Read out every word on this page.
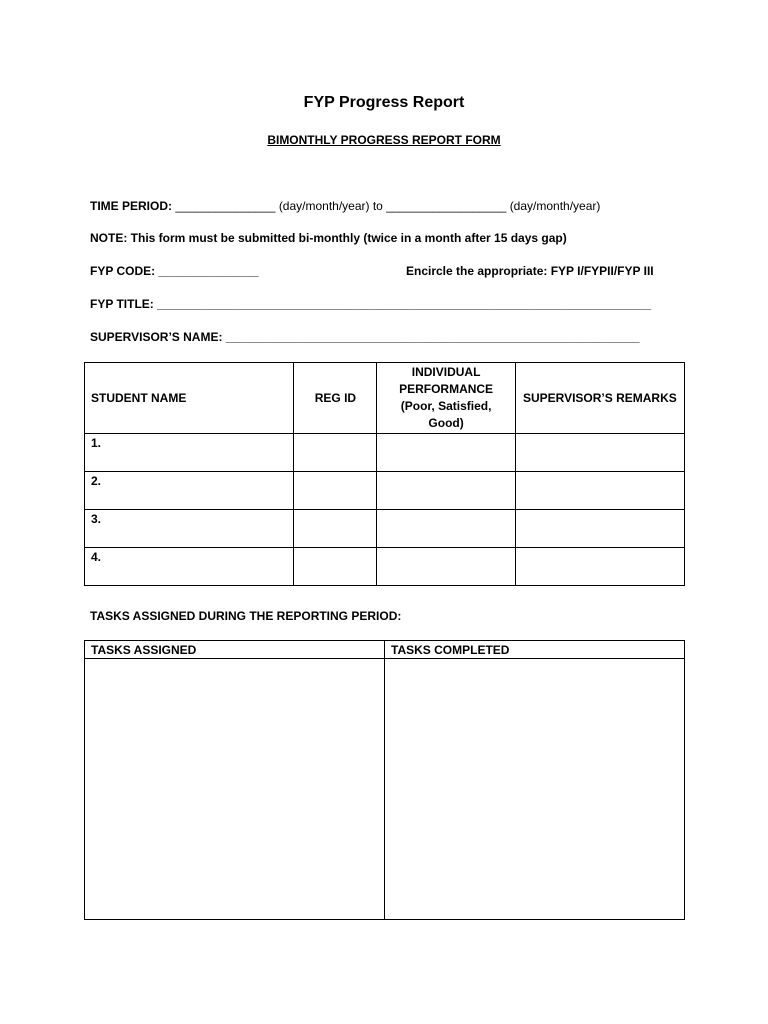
FYP Progress Report
BIMONTHLY PROGRESS REPORT FORM
TIME PERIOD: _______________ (day/month/year) to __________________ (day/month/year)
NOTE: This form must be submitted bi-monthly (twice in a month after 15 days gap)
FYP CODE: _______________	Encircle the appropriate: FYP I/FYPII/FYP III
FYP TITLE: __________________________________________________________________________
SUPERVISOR’S NAME: ______________________________________________________________
STUDENT NAME	REG ID	INDIVIDUAL PERFORMANCE (Poor, Satisfied, Good)	SUPERVISOR’S REMARKS
1.			
2.			
3.			
4.			
TASKS ASSIGNED DURING THE REPORTING PERIOD:
TASKS ASSIGNED	TASKS COMPLETED
